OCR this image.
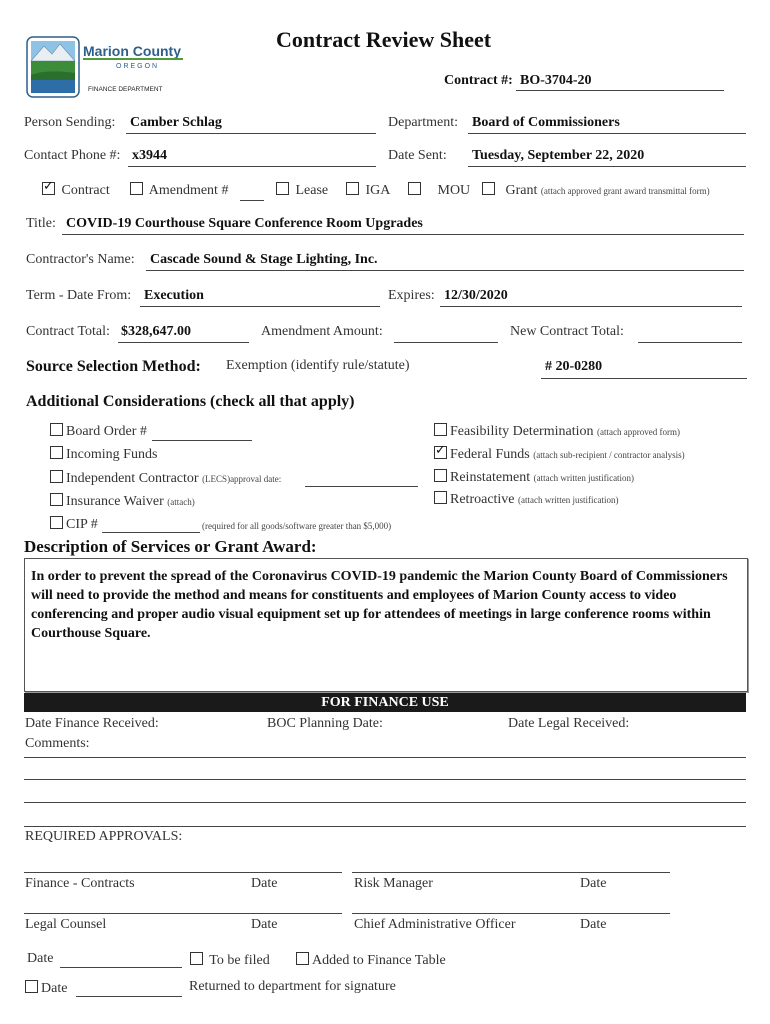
Marion County
OREGON
FINANCE DEPARTMENT
Contract Review Sheet
Contract #: BO-3704-20
Person Sending: Camber Schlag	Department: Board of Commissioners
Contact Phone #: x3944	Date Sent: Tuesday, September 22, 2020
✓ Contract	Amendment #	Lease	IGA	MOU	Grant (attach approved grant award transmittal form)
Title: COVID-19 Courthouse Square Conference Room Upgrades
Contractor's Name: Cascade Sound & Stage Lighting, Inc.
Term - Date From: Execution	Expires: 12/30/2020
Contract Total: $328,647.00	Amendment Amount:	New Contract Total:
Source Selection Method: Exemption (identify rule/statute)	# 20-0280
Additional Considerations (check all that apply)
Board Order #
Incoming Funds
Independent Contractor (LECS)approval date:
Insurance Waiver (attach)
CIP #	(required for all goods/software greater than $5,000)
Feasibility Determination (attach approved form)
✓Federal Funds (attach sub-recipient / contractor analysis)
Reinstatement (attach written justification)
Retroactive (attach written justification)
Description of Services or Grant Award:
In order to prevent the spread of the Coronavirus COVID-19 pandemic the Marion County Board of Commissioners will need to provide the method and means for constituents and employees of Marion County access to video conferencing and proper audio visual equipment set up for attendees of meetings in large conference rooms within Courthouse Square.
FOR FINANCE USE
Date Finance Received:	BOC Planning Date:	Date Legal Received:
Comments:
REQUIRED APPROVALS:
Finance - Contracts	Date	Risk Manager	Date
Legal Counsel	Date	Chief Administrative Officer	Date
Date	To be filed	Added to Finance Table
Date	Returned to department for signature
